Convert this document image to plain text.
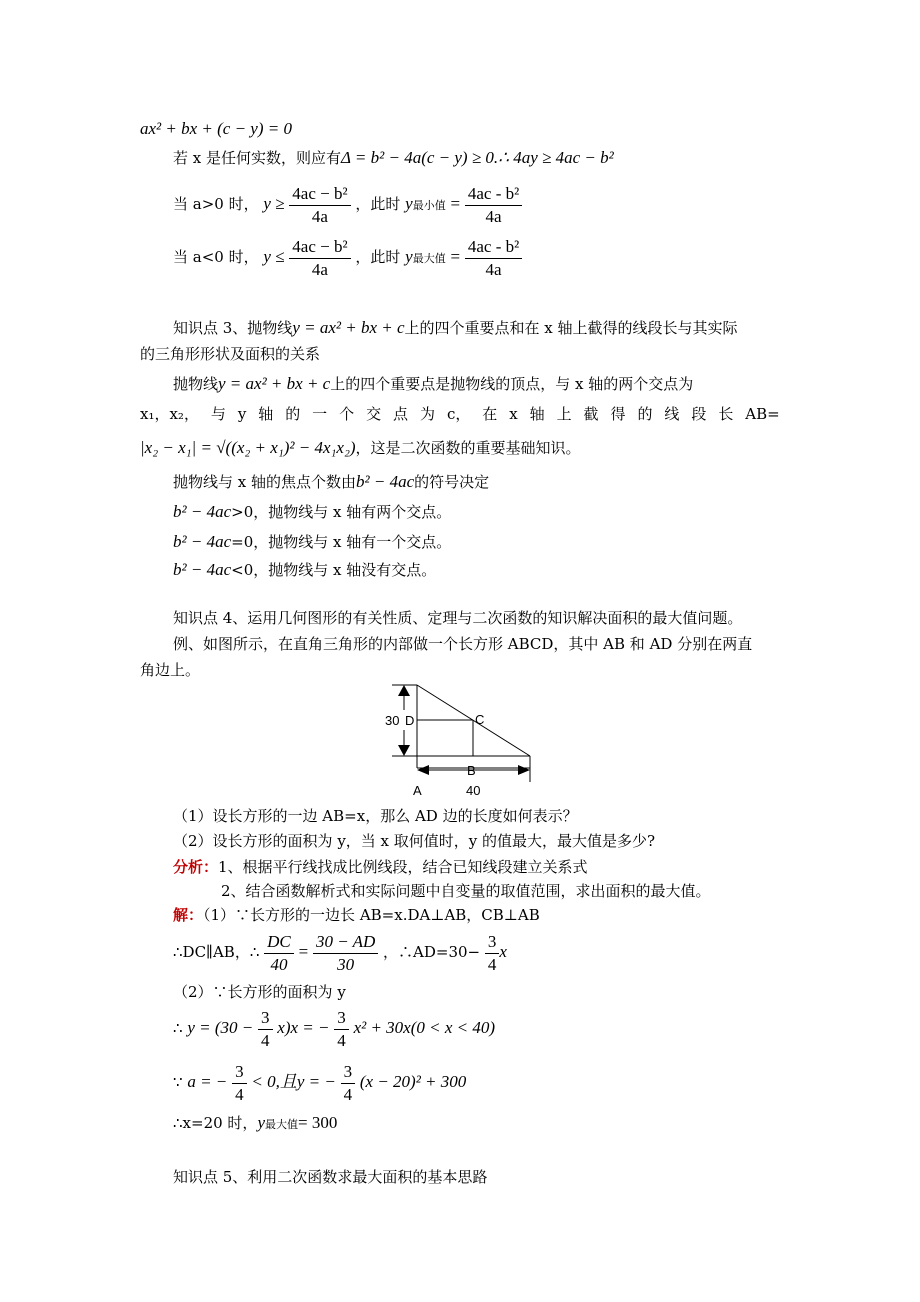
ax² + bx + (c − y) = 0
若 x 是任何实数，则应有Δ = b² − 4a(c − y) ≥ 0.∴ 4ay ≥ 4ac − b²
当 a>0 时， $y \ge \frac{\text{4ac − b²}}{4a}$ ，此时 y最小值 = $\frac{\text{4ac - b²}}{4a}$
当 a<0 时， $y \le \frac{\text{4ac − b²}}{4a}$ ，此时 y最大值 = $\frac{\text{4ac - b²}}{4a}$
知识点 3、抛物线y = ax² + bx + c上的四个重要点和在 x 轴上截得的线段长与其实际
的三角形形状及面积的关系
抛物线y = ax² + bx + c上的四个重要点是抛物线的顶点，与 x 轴的两个交点为
x₁，x₂， 与 y 轴 的 一 个 交 点 为 c， 在 x 轴 上 截 得 的 线 段 长 AB=
|x₂ − x₁| = √((x₂ + x₁)² − 4x₁x₂)，这是二次函数的重要基础知识。
抛物线与 x 轴的焦点个数由b² − 4ac的符号决定
b² − 4ac>0，抛物线与 x 轴有两个交点。
b² − 4ac=0，抛物线与 x 轴有一个交点。
b² − 4ac<0，抛物线与 x 轴没有交点。
知识点 4、运用几何图形的有关性质、定理与二次函数的知识解决面积的最大值问题。
例、如图所示，在直角三角形的内部做一个长方形 ABCD，其中 AB 和 AD 分别在两直
角边上。
30 D	C
B
A	40
（1）设长方形的一边 AB=x，那么 AD 边的长度如何表示？
（2）设长方形的面积为 y，当 x 取何值时，y 的值最大，最大值是多少?
分析：1、根据平行线找成比例线段，结合已知线段建立关系式
2、结合函数解析式和实际问题中自变量的取值范围，求出面积的最大值。
解：（1）∵长方形的一边长 AB=x.DA⊥AB，CB⊥AB
∴DC∥AB，∴ $\frac{DC}{40} = \frac{30 - AD}{30}$ ，∴AD=30− $\frac{3}{4}$ x
（2）∵长方形的面积为 y
∴ $y = (30 - \frac{3}{4} x)x$ = − $\frac{3}{4} x^2 + 30x(0 < x < 40)$
∵ a = − $\frac{3}{4} < 0$,且y = − $\frac{3}{4} (x - 20)^2 + 300$
∴x=20 时，y最大值= 300
知识点 5、利用二次函数求最大面积的基本思路
